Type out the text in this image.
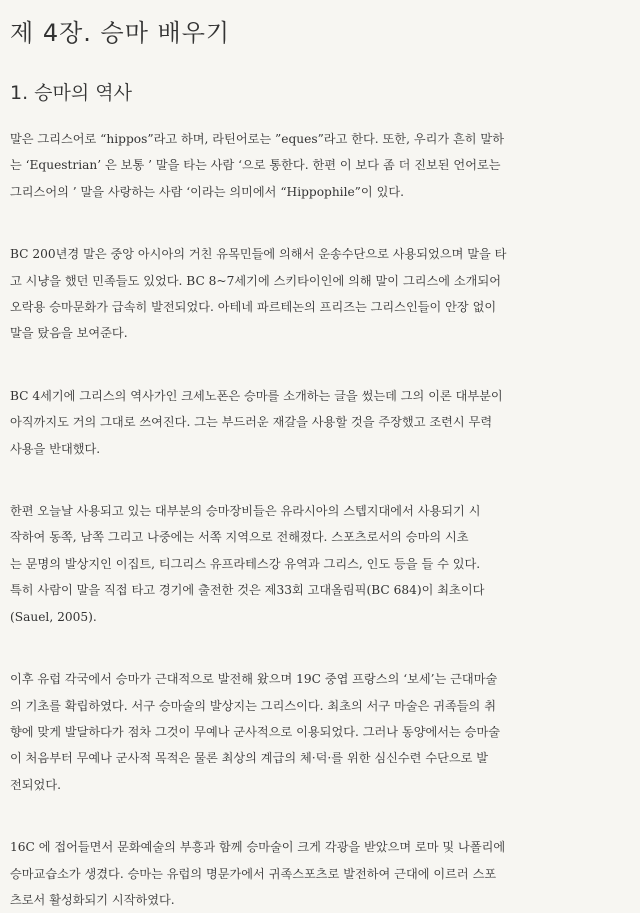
제 4장. 승마 배우기
1. 승마의 역사

말은 그리스어로 “hippos”라고 하며, 라틴어로는 ”eques”라고 한다. 또한, 우리가 흔히 말하
는 ‘Equestrian’ 은 보통 ’ 말을 타는 사람 ‘으로 통한다. 한편 이 보다 좀 더 진보된 언어로는
그리스어의 ’ 말을 사랑하는 사람 ‘이라는 의미에서 “Hippophile”이 있다.

BC 200년경 말은 중앙 아시아의 거친 유목민들에 의해서 운송수단으로 사용되었으며 말을 타
고 시냥을 했던 민족들도 있었다. BC 8~7세기에 스키타이인에 의해 말이 그리스에 소개되어
오락용 승마문화가 급속히 발전되었다. 아테네 파르테논의 프리즈는 그리스인들이 안장 없이
말을 탔음을 보여준다.

BC 4세기에 그리스의 역사가인 크세노폰은 승마를 소개하는 글을 썼는데 그의 이론 대부분이
아직까지도 거의 그대로 쓰여진다. 그는 부드러운 재갈을 사용할 것을 주장했고 조련시 무력
사용을 반대했다.

한편 오늘날 사용되고 있는 대부분의 승마장비들은 유라시아의 스텝지대에서 사용되기 시
작하여 동쪽, 남쪽 그리고 나중에는 서쪽 지역으로 전해졌다. 스포츠로서의 승마의 시초
는 문명의 발상지인 이집트, 티그리스 유프라테스강 유역과 그리스, 인도 등을 들 수 있다.
특히 사람이 말을 직접 타고 경기에 출전한 것은 제33회 고대올림픽(BC 684)이 최초이다
(Sauel, 2005).

이후 유럽 각국에서 승마가 근대적으로 발전해 왔으며 19C 중엽 프랑스의 ‘보세’는 근대마술
의 기초를 확립하였다. 서구 승마술의 발상지는 그리스이다. 최초의 서구 마술은 귀족들의 취
향에 맞게 발달하다가 점차 그것이 무예나 군사적으로 이용되었다. 그러나 동양에서는 승마술
이 처음부터 무예나 군사적 목적은 물론 최상의 계급의 체·덕·를 위한 심신수련 수단으로 발
전되었다.

16C 에 접어들면서 문화예술의 부흥과 함께 승마술이 크게 각광을 받았으며 로마 및 나폴리에
승마교습소가 생겼다. 승마는 유럽의 명문가에서 귀족스포츠로 발전하여 근대에 이르러 스포
츠로서 활성화되기 시작하였다.
